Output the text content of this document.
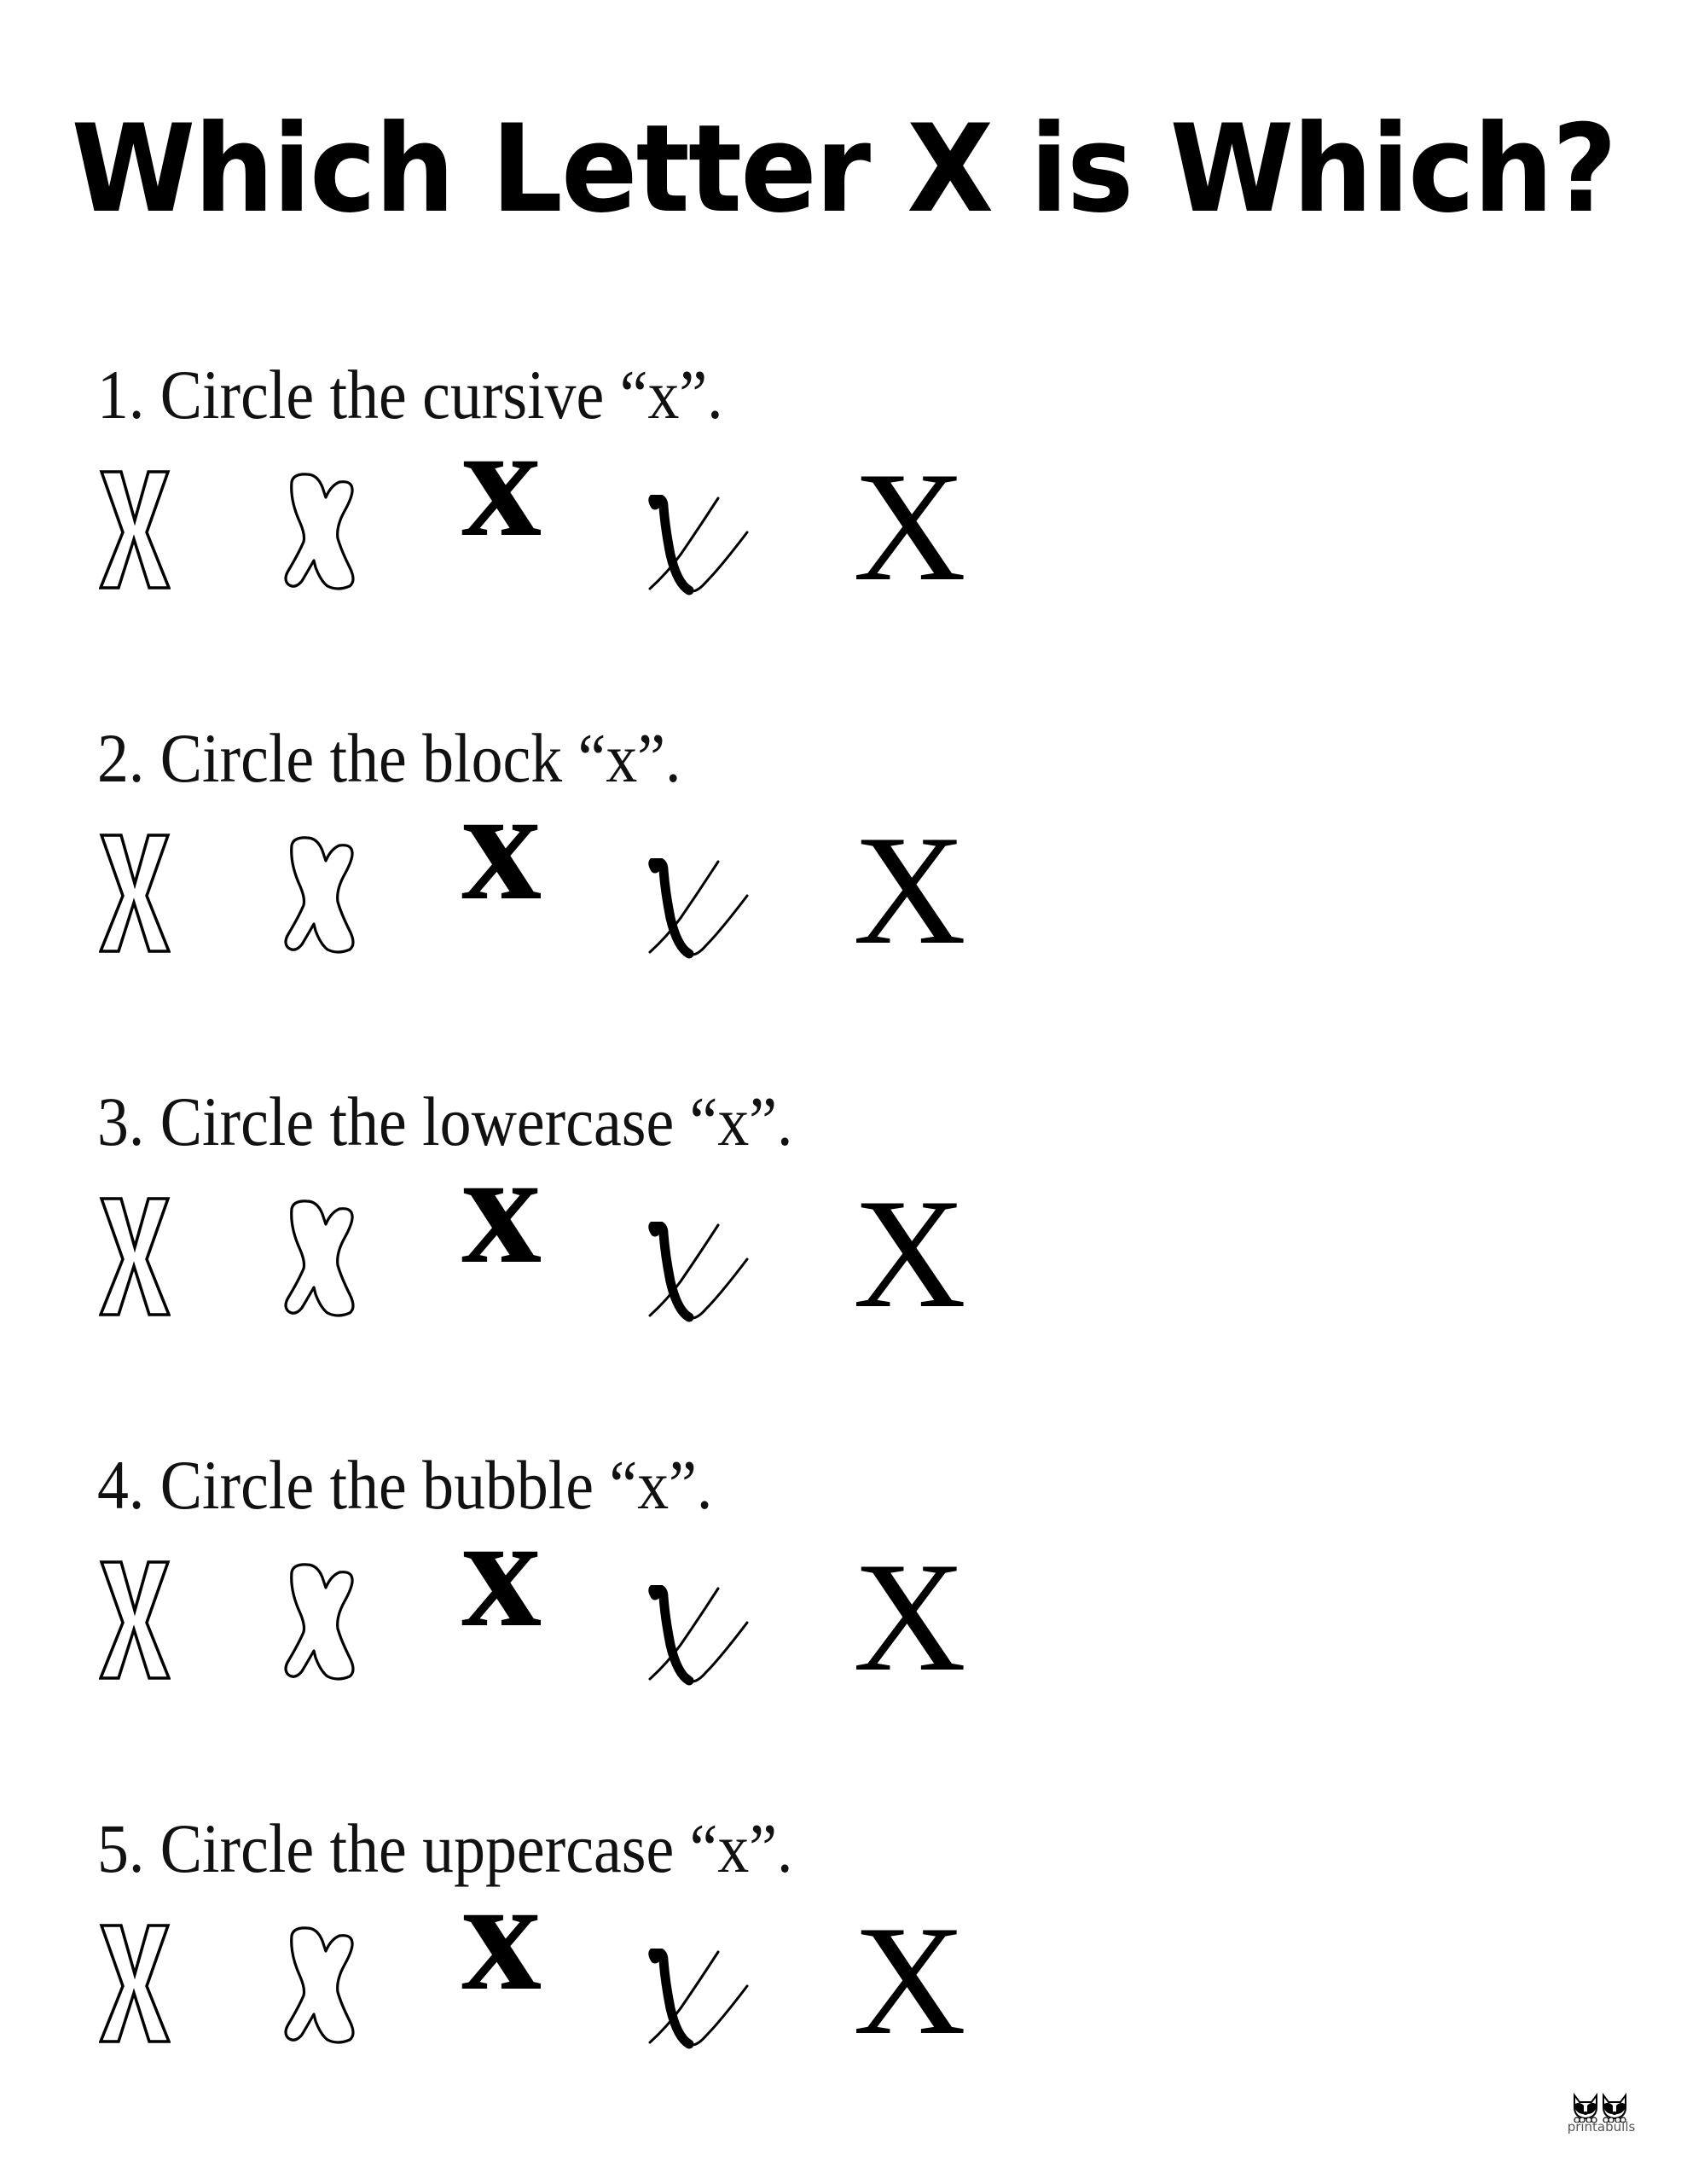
Which Letter X is Which?
1. Circle the cursive “x”.
x X
2. Circle the block “x”.
x X
3. Circle the lowercase “x”.
x X
4. Circle the bubble “x”.
x X
5. Circle the uppercase “x”.
x X
printabulls
